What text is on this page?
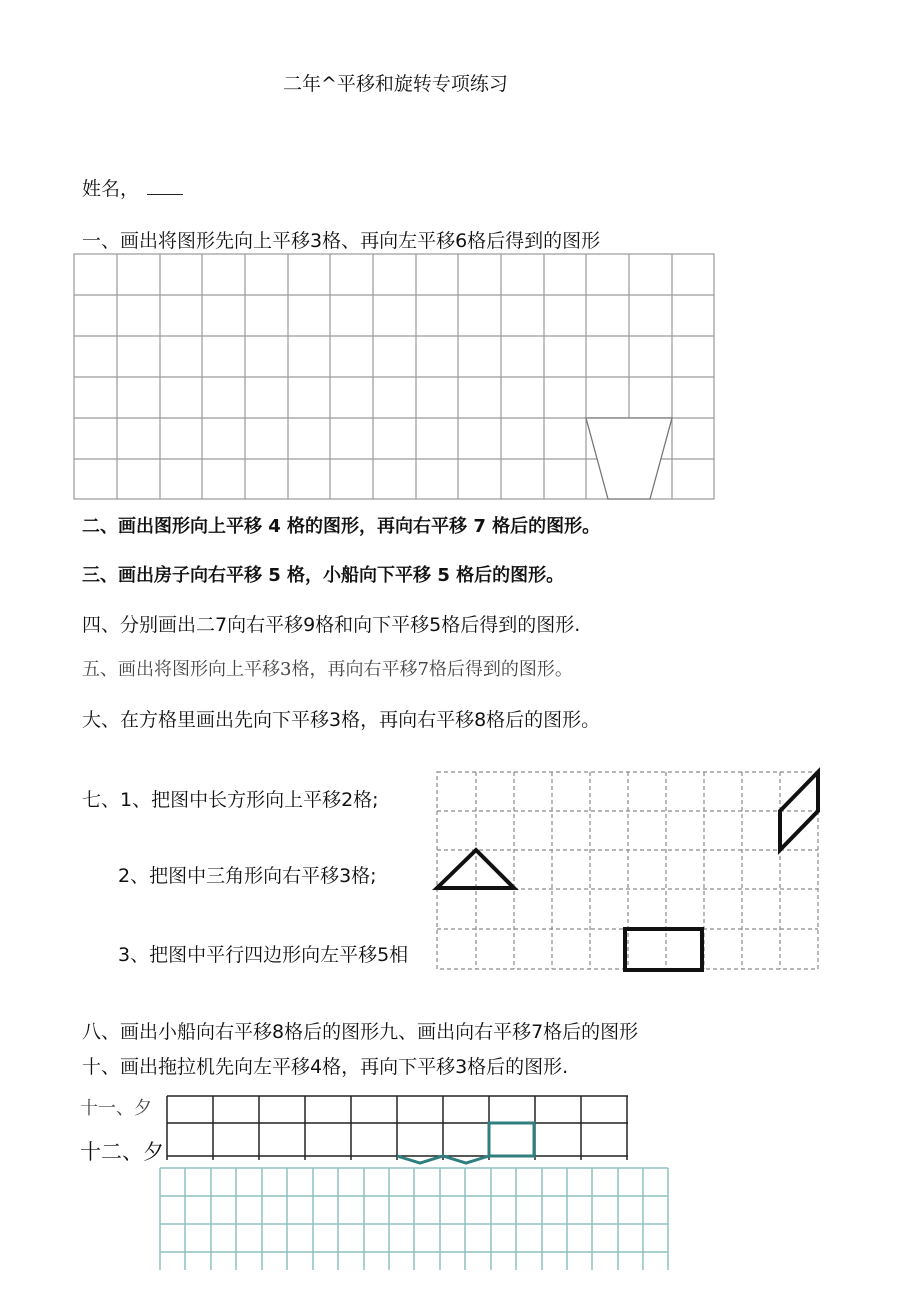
二年^平移和旋转专项练习
姓名，
一、画出将图形先向上平移3格、再向左平移6格后得到的图形
二、画出图形向上平移 4 格的图形，再向右平移 7 格后的图形。
三、画出房子向右平移 5 格，小船向下平移 5 格后的图形。
四、分别画出二7向右平移9格和向下平移5格后得到的图形.
五、画出将图形向上平移3格，再向右平移7格后得到的图形。
大、在方格里画出先向下平移3格，再向右平移8格后的图形。
七、1、把图中长方形向上平移2格;
2、把图中三角形向右平移3格;
3、把图中平行四边形向左平移5相
八、画出小船向右平移8格后的图形九、画出向右平移7格后的图形
十、画出拖拉机先向左平移4格，再向下平移3格后的图形.
十一、夕
十二、夕
